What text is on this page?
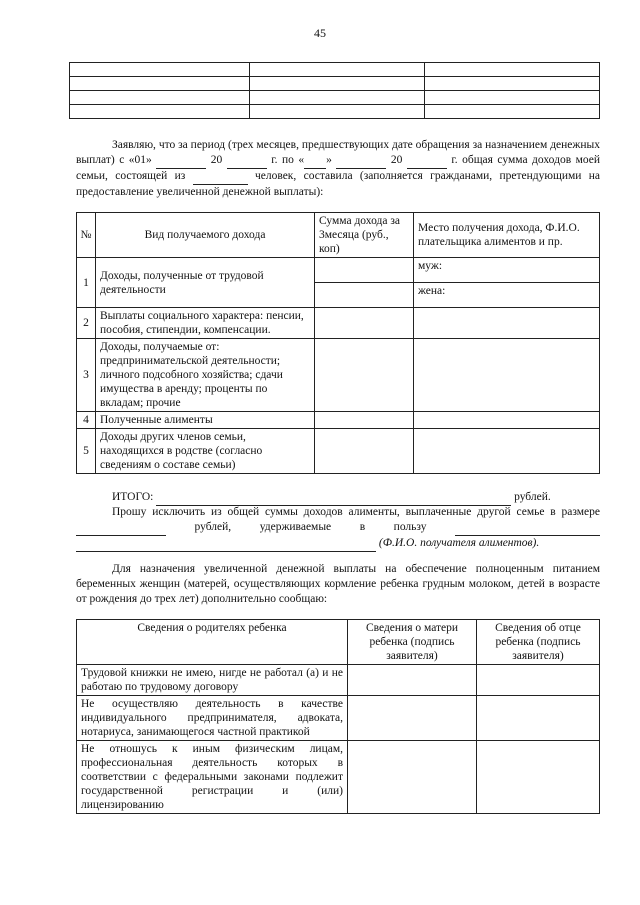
45

Заявляю, что за период (трех месяцев, предшествующих дате обращения за назначением денежных выплат) с «01»	20	г. по « »	20	г. общая сумма доходов моей семьи, состоящей из	человек, составила (заполняется гражданами, претендующими на предоставление увеличенной денежной выплаты):
№	Вид получаемого дохода	Сумма дохода за 3месяца (руб., коп)	Место получения дохода, Ф.И.О. плательщика алиментов и пр.
1	Доходы, полученные от трудовой деятельности		муж:
			жена:
2	Выплаты социального характера: пенсии, пособия, стипендии, компенсации.		
3	Доходы, получаемые от: предпринимательской деятельности; личного подсобного хозяйства; сдачи имущества в аренду; проценты по вкладам; прочие		
4	Полученные алименты		
5	Доходы других членов семьи, находящихся в родстве (согласно сведениям о составе семьи)		
ИТОГО:	рублей.
Прошу исключить из общей суммы доходов алименты, выплаченные другой семье в размере   рублей, удерживаемые в пользу     (Ф.И.О. получателя алиментов).
Для назначения увеличенной денежной выплаты на обеспечение полноценным питанием беременных женщин (матерей, осуществляющих кормление ребенка грудным молоком, детей в возрасте от рождения до трех лет) дополнительно сообщаю:
Сведения о родителях ребенка	Сведения о матери ребенка (подпись заявителя)	Сведения об отце ребенка (подпись заявителя)
Трудовой книжки не имею, нигде не работал (а) и не работаю по трудовому договору		
Не осуществляю деятельность в качестве индивидуального предпринимателя, адвоката, нотариуса, занимающегося частной практикой		
Не отношусь к иным физическим лицам, профессиональная деятельность которых в соответствии с федеральными законами подлежит государственной регистрации и (или) лицензированию		
